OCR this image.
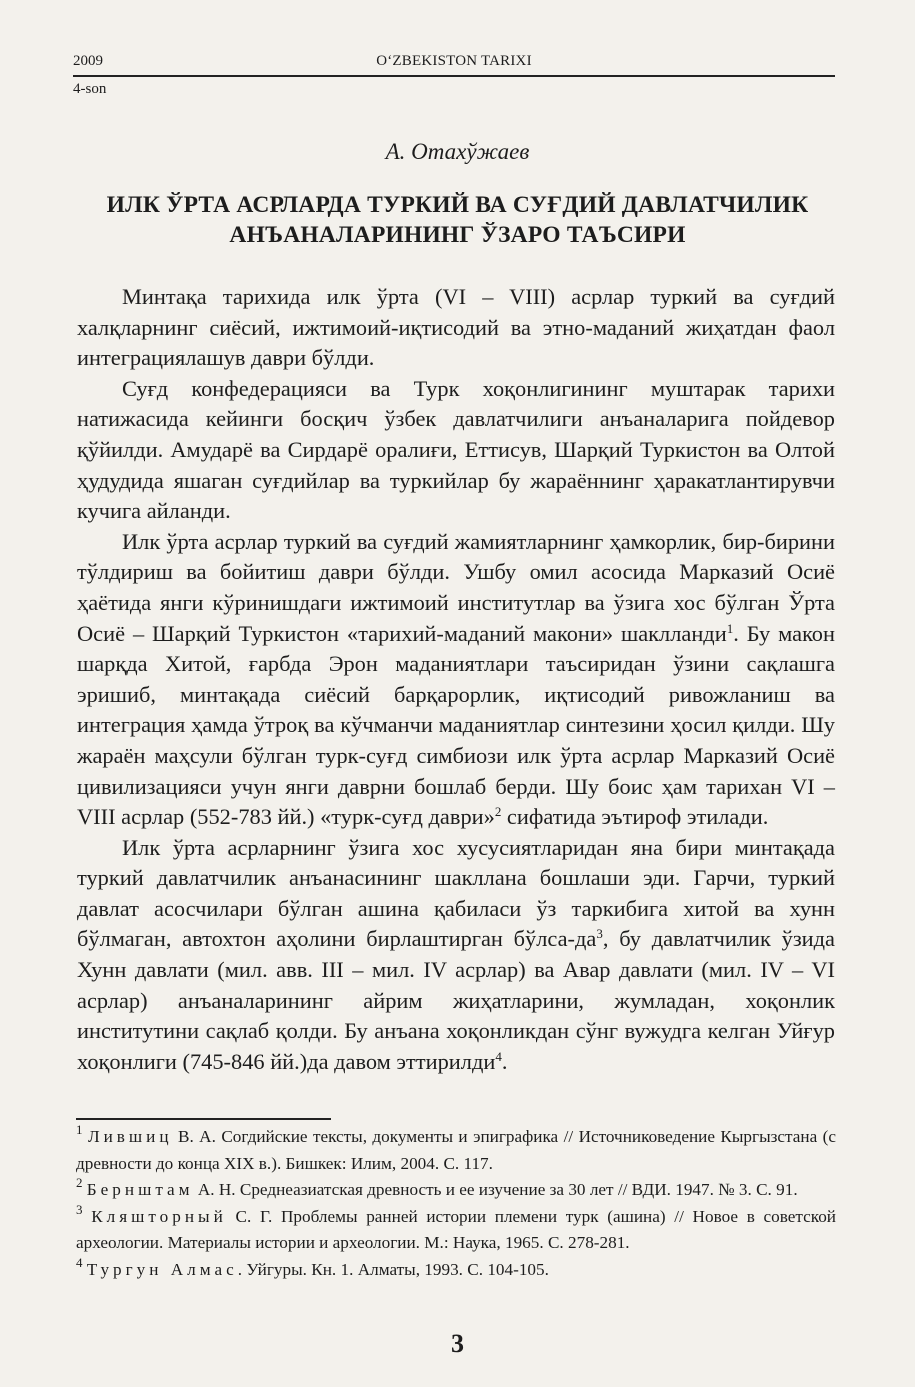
2009	O‘ZBEKISTON TARIXI
4-son
А. Отахўжаев
ИЛК ЎРТА АСРЛАРДА ТУРКИЙ ВА СУҒДИЙ ДАВЛАТЧИЛИК
АНЪАНАЛАРИНИНГ ЎЗАРО ТАЪСИРИ

Минтақа тарихида илк ўрта (VI – VIII) асрлар туркий ва суғдий халқларнинг сиёсий, ижтимоий-иқтисодий ва этно-маданий жиҳатдан фаол интеграциялашув даври бўлди.

Суғд конфедерацияси ва Турк хоқонлигининг муштарак тарихи натижасида кейинги босқич ўзбек давлатчилиги анъаналарига пойдевор қўйилди. Амударё ва Сирдарё оралиғи, Еттисув, Шарқий Туркистон ва Олтой ҳудудида яшаган суғдийлар ва туркийлар бу жараённинг ҳаракатлантирувчи кучига айланди.

Илк ўрта асрлар туркий ва суғдий жамиятларнинг ҳамкорлик, бир-бирини тўлдириш ва бойитиш даври бўлди. Ушбу омил асосида Марказий Осиё ҳаётида янги кўринишдаги ижтимоий институтлар ва ўзига хос бўлган Ўрта Осиё – Шарқий Туркистон «тарихий-маданий макони» шаклланди$^1$. Бу макон шарқда Хитой, ғарбда Эрон маданиятлари таъсиридан ўзини сақлашга эришиб, минтақада сиёсий барқарорлик, иқтисодий ривожланиш ва интеграция ҳамда ўтроқ ва кўчманчи маданиятлар синтезини ҳосил қилди. Шу жараён маҳсули бўлган турк-суғд симбиози илк ўрта асрлар Марказий Осиё цивилизацияси учун янги даврни бошлаб берди. Шу боис ҳам тарихан VI – VIII асрлар (552-783 йй.) «турк-суғд даври»$^2$ сифатида эътироф этилади.

Илк ўрта асрларнинг ўзига хос хусусиятларидан яна бири минтақада туркий давлатчилик анъанасининг шакллана бошлаши эди. Гарчи, туркий давлат асосчилари бўлган ашина қабиласи ўз таркибига хитой ва хунн бўлмаган, автохтон аҳолини бирлаштирган бўлса-$да^3$, бу давлатчилик ўзида Хунн давлати (мил. авв. III – мил. IV асрлар) ва Авар давлати (мил. IV – VI асрлар) анъаналарининг айрим жиҳатларини, жумладан, хоқонлик институтини сақлаб қолди. Бу анъана хоқонликдан сўнг вужудга келган Уйғур хоқонлиги (745-846 йй.)да давом эттирилди$^4$.

$^1$ Лившиц В. А. Согдийские тексты, документы и эпиграфика // Источниковедение Кыргызстана (с древности до конца XIX в.). Бишкек: Илим, 2004. С. 117.

$^2$ Бернштам А. Н. Среднеазиатская древность и ее изучение за 30 лет // ВДИ. 1947. № 3. С. 91.

$^3$ Кляшторный С. Г. Проблемы ранней истории племени турк (ашина) // Новое в советской археологии. Материалы истории и археологии. М.: Наука, 1965. С. 278-281.

$^4$ Тургун Алмас. Уйгуры. Кн. 1. Алматы, 1993. С. 104-105.

3
